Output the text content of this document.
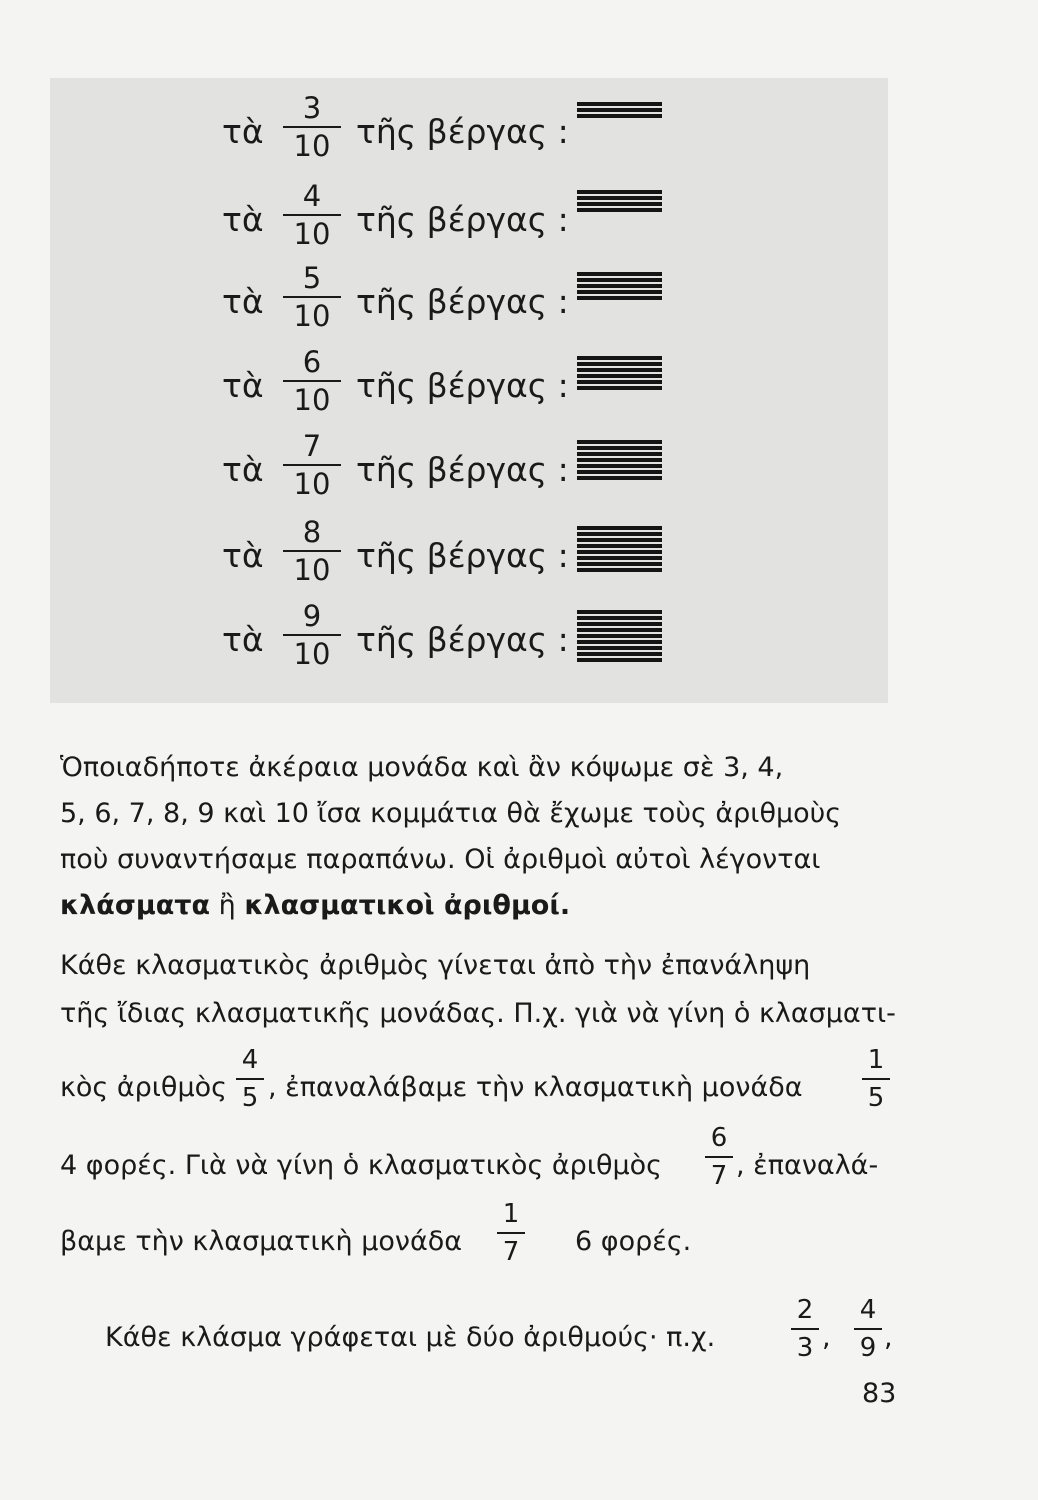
τὰ
3
10 τῆς βέργας :
τὰ
4
10 τῆς βέργας :
τὰ
5
10 τῆς βέργας :
τὰ
6
10 τῆς βέργας :
τὰ
7
10 τῆς βέργας :
τὰ
8
10 τῆς βέργας :
τὰ
9
10 τῆς βέργας :
Ὁποιαδήποτε ἀκέραια μονάδα καὶ ἂν κόψωμε σὲ 3, 4,
5, 6, 7, 8, 9 καὶ 10 ἴσα κομμάτια θὰ ἔχωμε τοὺς ἀριθμοὺς
ποὺ συναντήσαμε παραπάνω. Οἱ ἀριθμοὶ αὐτοὶ λέγονται
κλάσματα ἢ κλασματικοὶ ἀριθμοί.
Κάθε κλασματικὸς ἀριθμὸς γίνεται ἀπὸ τὴν ἐπανάληψη
τῆς ἴδιας κλασματικῆς μονάδας. Π.χ. γιὰ νὰ γίνη ὁ κλασματι-
κὸς ἀριθμὸς
4
5 , ἐπαναλάβαμε τὴν κλασματικὴ μονάδα
1
5
4 φορές. Γιὰ νὰ γίνη ὁ κλασματικὸς ἀριθμὸς
6
7 , ἐπαναλά-
βαμε τὴν κλασματικὴ μονάδα
1
7 6 φορές.
Κάθε κλάσμα γράφεται μὲ δύο ἀριθμούς· π.χ.
2
3 ,
4
9 ,
83
